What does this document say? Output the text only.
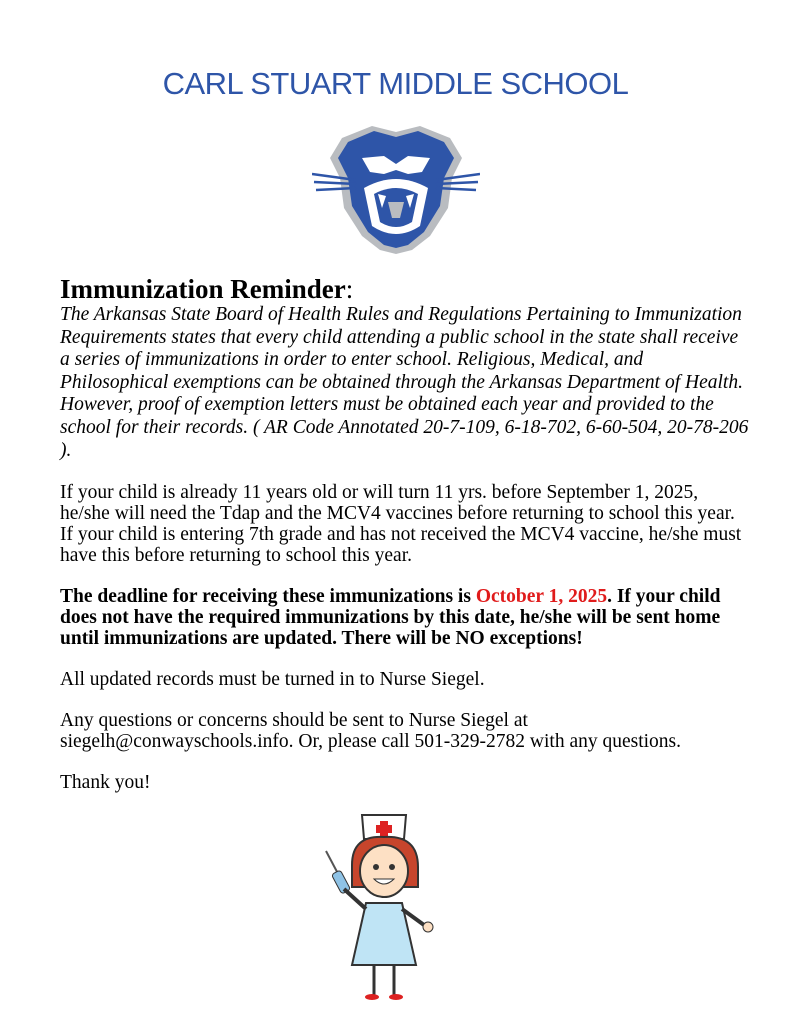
CARL STUART MIDDLE SCHOOL
Immunization Reminder:
The Arkansas State Board of Health Rules and Regulations Pertaining to Immunization Requirements states that every child attending a public school in the state shall receive a series of immunizations in order to enter school. Religious, Medical, and Philosophical exemptions can be obtained through the Arkansas Department of Health. However, proof of exemption letters must be obtained each year and provided to the school for their records. ( AR Code Annotated 20-7-109, 6-18-702, 6-60-504, 20-78-206 ).

If your child is already 11 years old or will turn 11 yrs. before September 1, 2025, he/she will need the Tdap and the MCV4 vaccines before returning to school this year. If your child is entering 7th grade and has not received the MCV4 vaccine, he/she must have this before returning to school this year.

The deadline for receiving these immunizations is October 1, 2025. If your child does not have the required immunizations by this date, he/she will be sent home until immunizations are updated. There will be NO exceptions!

All updated records must be turned in to Nurse Siegel.

Any questions or concerns should be sent to Nurse Siegel at siegelh@conwayschools.info. Or, please call 501-329-2782 with any questions.

Thank you!
